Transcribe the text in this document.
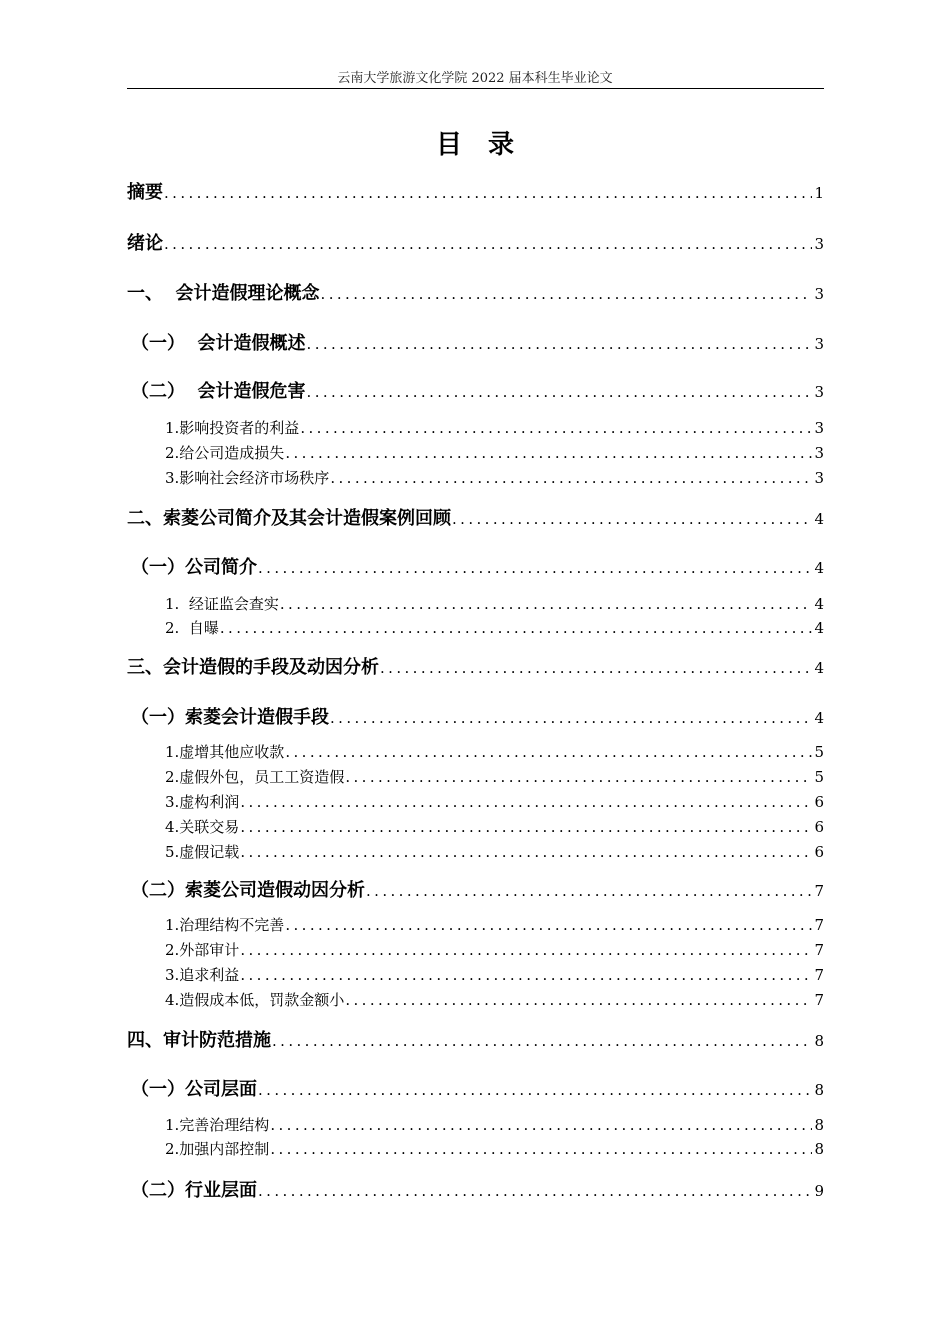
云南大学旅游文化学院 2022 届本科生毕业论文
目录
摘要 .....	1
绪论 .....	3
一、  会计造假理论概念 .....	3
（一）  会计造假概述 .....	3
（二）  会计造假危害 .....	3
1.影响投资者的利益 .....	3
2.给公司造成损失 .....	3
3.影响社会经济市场秩序 .....	3
二、索菱公司简介及其会计造假案例回顾 .....	4
（一）公司简介 .....	4
1.  经证监会查实 .....	4
2.  自曝 .....	4
三、会计造假的手段及动因分析 .....	4
（一）索菱会计造假手段 .....	4
1.虚增其他应收款 .....	5
2.虚假外包，员工工资造假 .....	5
3.虚构利润 .....	6
4.关联交易 .....	6
5.虚假记载 .....	6
（二）索菱公司造假动因分析 .....	7
1.治理结构不完善 .....	7
2.外部审计 .....	7
3.追求利益 .....	7
4.造假成本低，罚款金额小 .....	7
四、审计防范措施 .....	8
（一）公司层面 .....	8
1.完善治理结构 .....	8
2.加强内部控制 .....	8
（二）行业层面 .....	9
